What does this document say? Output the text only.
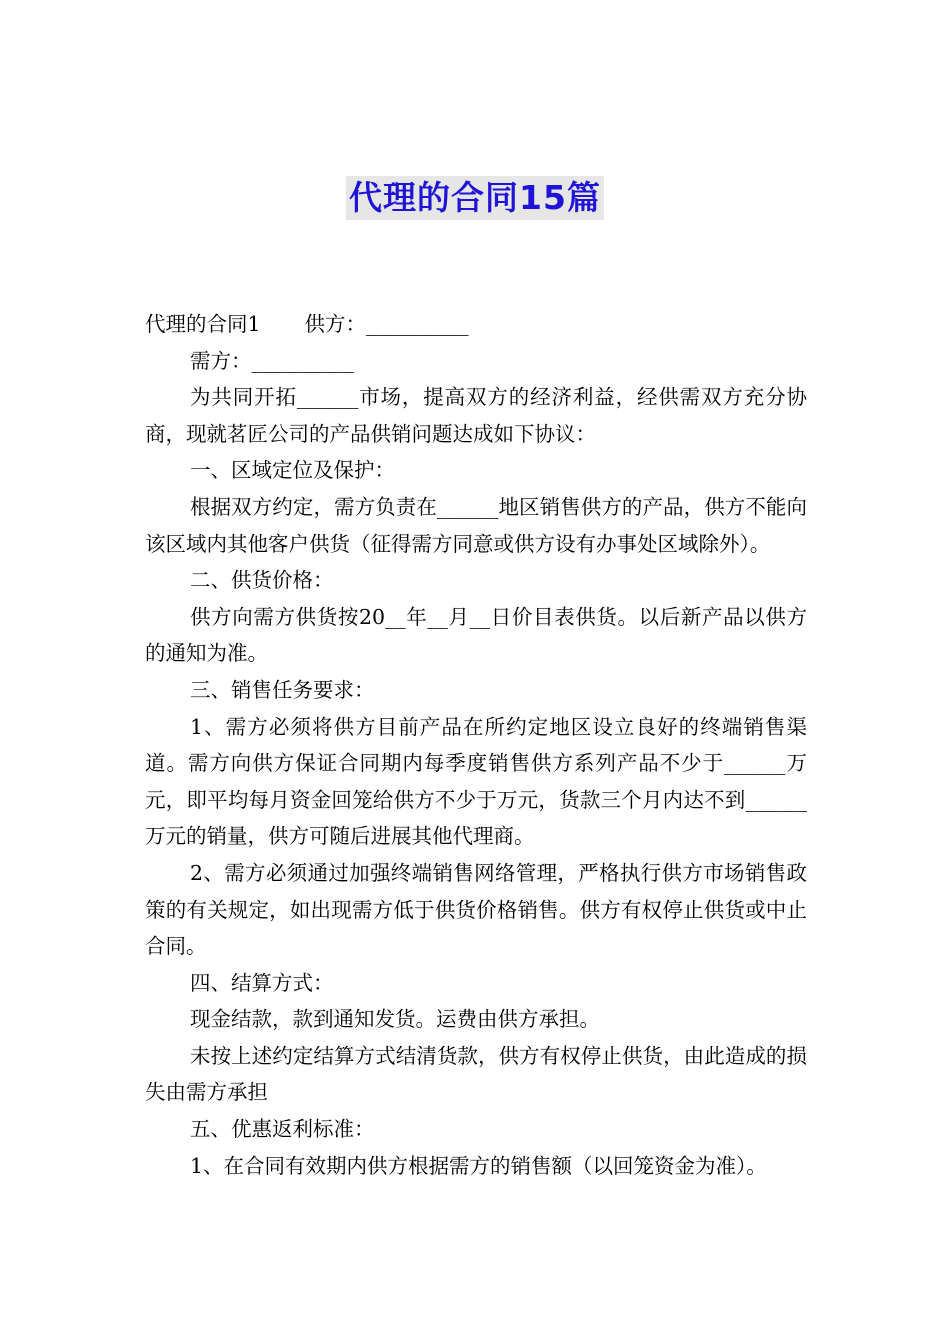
代理的合同15篇

代理的合同1 供方：__________

需方：__________

为共同开拓______市场，提高双方的经济利益，经供需双方充分协商，现就茗匠公司的产品供销问题达成如下协议：

一、区域定位及保护：

根据双方约定，需方负责在______地区销售供方的产品，供方不能向该区域内其他客户供货（征得需方同意或供方设有办事处区域除外）。

二、供货价格：

供方向需方供货按20__年__月__日价目表供货。以后新产品以供方的通知为准。

三、销售任务要求：

1、需方必须将供方目前产品在所约定地区设立良好的终端销售渠道。需方向供方保证合同期内每季度销售供方系列产品不少于______万元，即平均每月资金回笼给供方不少于万元，货款三个月内达不到______万元的销量，供方可随后进展其他代理商。

2、需方必须通过加强终端销售网络管理，严格执行供方市场销售政策的有关规定，如出现需方低于供货价格销售。供方有权停止供货或中止合同。

四、结算方式：

现金结款，款到通知发货。运费由供方承担。

未按上述约定结算方式结清货款，供方有权停止供货，由此造成的损失由需方承担

五、优惠返利标准：

1、在合同有效期内供方根据需方的销售额（以回笼资金为准）。
